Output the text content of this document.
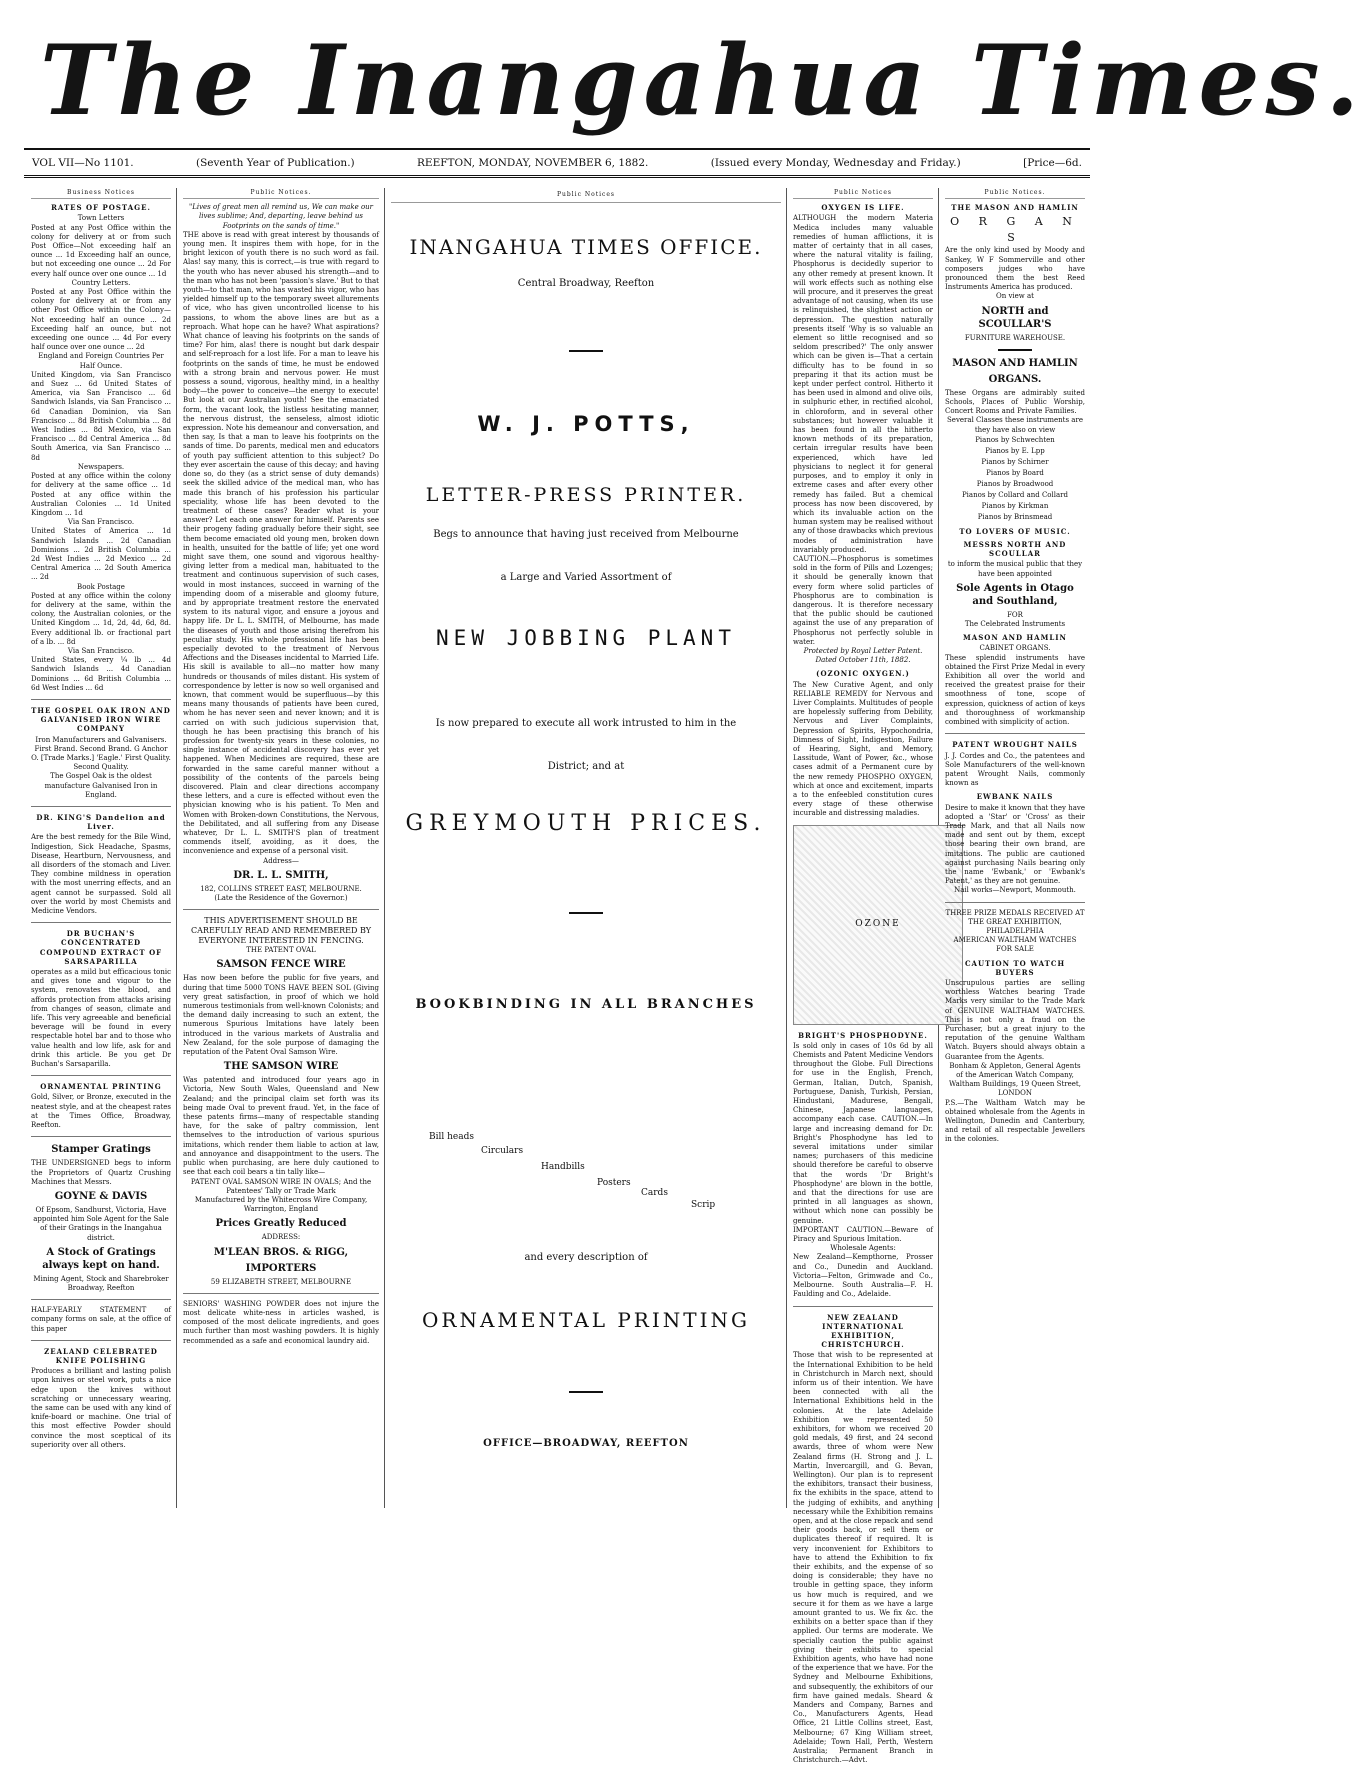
The Inangahua Times.
VOL VII—No 1101.	(Seventh Year of Publication.)	REEFTON, MONDAY, NOVEMBER 6, 1882.	(Issued every Monday, Wednesday and Friday.)	[Price—6d.
Business Notices
RATES OF POSTAGE.
Town Letters

Posted at any Post Office within the colony for delivery at or from such Post Office—Not exceeding half an ounce ... 1d Exceeding half an ounce, but not exceeding one ounce ... 2d For every half ounce over one ounce ... 1d

Country Letters.

Posted at any Post Office within the colony for delivery at or from any other Post Office within the Colony—Not exceeding half an ounce ... 2d Exceeding half an ounce, but not exceeding one ounce ... 4d For every half ounce over one ounce ... 2d

England and Foreign Countries Per Half Ounce.

United Kingdom, via San Francisco and Suez ... 6d United States of America, via San Francisco ... 6d Sandwich Islands, via San Francisco ... 6d Canadian Dominion, via San Francisco ... 8d British Columbia ... 8d West Indies ... 8d Mexico, via San Francisco ... 8d Central America ... 8d South America, via San Francisco ... 8d

Newspapers.

Posted at any office within the colony for delivery at the same office ... 1d Posted at any office within the Australian Colonies ... 1d United Kingdom ... 1d

Via San Francisco.

United States of America ... 1d Sandwich Islands ... 2d Canadian Dominions ... 2d British Columbia ... 2d West Indies ... 2d Mexico ... 2d Central America ... 2d South America ... 2d

Book Postage

Posted at any office within the colony for delivery at the same, within the colony, the Australian colonies, or the United Kingdom ... 1d, 2d, 4d, 6d, 8d. Every additional lb. or fractional part of a lb. ... 8d

Via San Francisco.

United States, every ¼ lb ... 4d Sandwich Islands ... 4d Canadian Dominions ... 6d British Columbia ... 6d West Indies ... 6d

THE GOSPEL OAK IRON AND GALVANISED IRON WIRE COMPANY
Iron Manufacturers and Galvanisers.

First Brand. Second Brand. G Anchor O. [Trade Marks.] 'Eagle.' First Quality. Second Quality.

The Gospel Oak is the oldest manufacture Galvanised Iron in England.

DR. KING'S Dandelion and Liver.

Are the best remedy for the Bile Wind, Indigestion, Sick Headache, Spasms, Disease, Heartburn, Nervousness, and all disorders of the stomach and Liver. They combine mildness in operation with the most unerring effects, and an agent cannot be surpassed. Sold all over the world by most Chemists and Medicine Vendors.

DR BUCHAN'S CONCENTRATED COMPOUND EXTRACT OF SARSAPARILLA

operates as a mild but efficacious tonic and gives tone and vigour to the system, renovates the blood, and affords protection from attacks arising from changes of season, climate and life. This very agreeable and beneficial beverage will be found in every respectable hotel bar and to those who value health and low life, ask for and drink this article. Be you get Dr Buchan's Sarsaparilla.

ORNAMENTAL PRINTING

Gold, Silver, or Bronze, executed in the neatest style, and at the cheapest rates at the Times Office, Broadway, Reefton.

Stamper Gratings

THE UNDERSIGNED begs to inform the Proprietors of Quartz Crushing Machines that Messrs.

GOYNE & DAVIS

Of Epsom, Sandhurst, Victoria, Have appointed him Sole Agent for the Sale of their Gratings in the Inangahua district.

A Stock of Gratings always kept on hand.

Mining Agent, Stock and Sharebroker Broadway, Reefton

HALF-YEARLY STATEMENT of company forms on sale, at the office of this paper

ZEALAND CELEBRATED KNIFE POLISHING

Produces a brilliant and lasting polish upon knives or steel work, puts a nice edge upon the knives without scratching or unnecessary wearing, the same can be used with any kind of knife-board or machine. One trial of this most effective Powder should convince the most sceptical of its superiority over all others.

Public Notices.

"Lives of great men all remind us, We can make our lives sublime; And, departing, leave behind us Footprints on the sands of time."

THE above is read with great interest by thousands of young men. It inspires them with hope, for in the bright lexicon of youth there is no such word as fail. Alas! say many, this is correct,—is true with regard to the youth who has never abused his strength—and to the man who has not been 'passion's slave.' But to that youth—to that man, who has wasted his vigor, who has yielded himself up to the temporary sweet allurements of vice, who has given uncontrolled license to his passions, to whom the above lines are but as a reproach. What hope can he have? What aspirations? What chance of leaving his footprints on the sands of time? For him, alas! there is nought but dark despair and self-reproach for a lost life. For a man to leave his footprints on the sands of time, he must be endowed with a strong brain and nervous power. He must possess a sound, vigorous, healthy mind, in a healthy body—the power to conceive—the energy to execute! But look at our Australian youth! See the emaciated form, the vacant look, the listless hesitating manner, the nervous distrust, the senseless, almost idiotic expression. Note his demeanour and conversation, and then say, Is that a man to leave his footprints on the sands of time. Do parents, medical men and educators of youth pay sufficient attention to this subject? Do they ever ascertain the cause of this decay; and having done so, do they (as a strict sense of duty demands) seek the skilled advice of the medical man, who has made this branch of his profession his particular speciality, whose life has been devoted to the treatment of these cases? Reader what is your answer? Let each one answer for himself. Parents see their progeny fading gradually before their sight, see them become emaciated old young men, broken down in health, unsuited for the battle of life; yet one word might save them, one sound and vigorous healthy-giving letter from a medical man, habituated to the treatment and continuous supervision of such cases, would in most instances, succeed in warning of the impending doom of a miserable and gloomy future, and by appropriate treatment restore the enervated system to its natural vigor, and ensure a joyous and happy life. Dr L. L. SMITH, of Melbourne, has made the diseases of youth and those arising therefrom his peculiar study. His whole professional life has been especially devoted to the treatment of Nervous Affections and the Diseases incidental to Married Life. His skill is available to all—no matter how many hundreds or thousands of miles distant. His system of correspondence by letter is now so well organised and known, that comment would be superfluous—by this means many thousands of patients have been cured, whom he has never seen and never known; and it is carried on with such judicious supervision that, though he has been practising this branch of his profession for twenty-six years in these colonies, no single instance of accidental discovery has ever yet happened. When Medicines are required, these are forwarded in the same careful manner without a possibility of the contents of the parcels being discovered. Plain and clear directions accompany these letters, and a cure is effected without even the physician knowing who is his patient. To Men and Women with Broken-down Constitutions, the Nervous, the Debilitated, and all suffering from any Disease whatever, Dr L. L. SMITH'S plan of treatment commends itself, avoiding, as it does, the inconvenience and expense of a personal visit.

Address—
DR. L. L. SMITH,
182, COLLINS STREET EAST, MELBOURNE.
(Late the Residence of the Governor.)

THIS ADVERTISEMENT SHOULD BE CAREFULLY READ AND REMEMBERED BY EVERYONE INTERESTED IN FENCING.

THE PATENT OVAL
SAMSON FENCE WIRE

Has now been before the public for five years, and during that time 5000 TONS HAVE BEEN SOL (Giving very great satisfaction, in proof of which we hold numerous testimonials from well-known Colonists; and the demand daily increasing to such an extent, the numerous Spurious Imitations have lately been introduced in the various markets of Australia and New Zealand, for the sole purpose of damaging the reputation of the Patent Oval Samson Wire.

THE SAMSON WIRE

Was patented and introduced four years ago in Victoria, New South Wales, Queensland and New Zealand; and the principal claim set forth was its being made Oval to prevent fraud. Yet, in the face of these patents firms—many of respectable standing have, for the sake of paltry commission, lent themselves to the introduction of various spurious imitations, which render them liable to action at law, and annoyance and disappointment to the users. The public when purchasing, are here duly cautioned to see that each coil bears a tin tally like—

PATENT OVAL SAMSON WIRE IN OVALS; And the Patentees' Tally or Trade Mark

Manufactured by the Whitecross Wire Company, Warrington, England

Prices Greatly Reduced
ADDRESS:
M'LEAN BROS. & RIGG,
IMPORTERS
59 ELIZABETH STREET, MELBOURNE

SENIORS' WASHING POWDER does not injure the most delicate white-ness in articles washed, is composed of the most delicate ingredients, and goes much further than most washing powders. It is highly recommended as a safe and economical laundry aid.

Public Notices
INANGAHUA TIMES OFFICE.
Central Broadway, Reefton
W. J. POTTS,
LETTER-PRESS PRINTER.
Begs to announce that having just received from Melbourne
a Large and Varied Assortment of
NEW JOBBING PLANT
Is now prepared to execute all work intrusted to him in the
District; and at
GREYMOUTH PRICES.
BOOKBINDING IN ALL BRANCHES
Bill heads
Circulars
Handbills
Posters
Cards
Scrip
and every description of
ORNAMENTAL PRINTING
OFFICE—BROADWAY, REEFTON
Public Notices
OXYGEN IS LIFE.

ALTHOUGH the modern Materia Medica includes many valuable remedies of human afflictions, it is matter of certainty that in all cases, where the natural vitality is failing, Phosphorus is decidedly superior to any other remedy at present known. It will work effects such as nothing else will procure, and it preserves the great advantage of not causing, when its use is relinquished, the slightest action or depression. The question naturally presents itself 'Why is so valuable an element so little recognised and so seldom prescribed?' The only answer which can be given is—That a certain difficulty has to be found in so preparing it that its action must be kept under perfect control. Hitherto it has been used in almond and olive oils, in sulphuric ether, in rectified alcohol, in chloroform, and in several other substances; but however valuable it has been found in all the hitherto known methods of its preparation, certain irregular results have been experienced, which have led physicians to neglect it for general purposes, and to employ it only in extreme cases and after every other remedy has failed. But a chemical process has now been discovered, by which its invaluable action on the human system may be realised without any of those drawbacks which previous modes of administration have invariably produced.

CAUTION.—Phosphorus is sometimes sold in the form of Pills and Lozenges; it should be generally known that every form where solid particles of Phosphorus are to combination is dangerous. It is therefore necessary that the public should be cautioned against the use of any preparation of Phosphorus not perfectly soluble in water.

Protected by Royal Letter Patent. Dated October 11th, 1882.
(OZONIC OXYGEN.)

The New Curative Agent, and only RELIABLE REMEDY for Nervous and Liver Complaints. Multitudes of people are hopelessly suffering from Debility, Nervous and Liver Complaints, Depression of Spirits, Hypochondria, Dimness of Sight, Indigestion, Failure of Hearing, Sight, and Memory, Lassitude, Want of Power, &c., whose cases admit of a Permanent cure by the new remedy PHOSPHO OXYGEN, which at once and excitement, imparts a to the enfeebled constitution cures every stage of these otherwise incurable and distressing maladies.

OZONE
BRIGHT'S PHOSPHODYNE.

Is sold only in cases of 10s 6d by all Chemists and Patent Medicine Vendors throughout the Globe. Full Directions for use in the English, French, German, Italian, Dutch, Spanish, Portuguese, Danish, Turkish, Persian, Hindustani, Madurese, Bengali, Chinese, Japanese languages, accompany each case. CAUTION.—In large and increasing demand for Dr. Bright's Phosphodyne has led to several imitations under similar names; purchasers of this medicine should therefore be careful to observe that the words 'Dr Bright's Phosphodyne' are blown in the bottle, and that the directions for use are printed in all languages as shown, without which none can possibly be genuine.

IMPORTANT CAUTION.—Beware of Piracy and Spurious Imitation.

Wholesale Agents:

New Zealand—Kempthorne, Prosser and Co., Dunedin and Auckland. Victoria—Felton, Grimwade and Co., Melbourne. South Australia—F. H. Faulding and Co., Adelaide.

NEW ZEALAND INTERNATIONAL EXHIBITION, CHRISTCHURCH.

Those that wish to be represented at the International Exhibition to be held in Christchurch in March next, should inform us of their intention. We have been connected with all the International Exhibitions held in the colonies. At the late Adelaide Exhibition we represented 50 exhibitors, for whom we received 20 gold medals, 49 first, and 24 second awards, three of whom were New Zealand firms (H. Strong and J. L. Martin, Invercargill, and G. Bevan, Wellington). Our plan is to represent the exhibitors, transact their business, fix the exhibits in the space, attend to the judging of exhibits, and anything necessary while the Exhibition remains open, and at the close repack and send their goods back, or sell them or duplicates thereof if required. It is very inconvenient for Exhibitors to have to attend the Exhibition to fix their exhibits, and the expense of so doing is considerable; they have no trouble in getting space, they inform us how much is required, and we secure it for them as we have a large amount granted to us. We fix &c. the exhibits on a better space than if they applied. Our terms are moderate. We specially caution the public against giving their exhibits to special Exhibition agents, who have had none of the experience that we have. For the Sydney and Melbourne Exhibitions, and subsequently, the exhibitors of our firm have gained medals. Sheard & Manders and Company, Barnes and Co., Manufacturers Agents, Head Office, 21 Little Collins street, East, Melbourne; 67 King William street, Adelaide; Town Hall, Perth, Western Australia; Permanent Branch in Christchurch.—Advt.

Public Notices.
THE MASON AND HAMLIN
O R G A N S

Are the only kind used by Moody and Sankey, W F Sommerville and other composers judges who have pronounced them the best Reed Instruments America has produced.

On view at
NORTH and SCOULLAR'S
FURNITURE WAREHOUSE.
MASON AND HAMLIN
ORGANS.

These Organs are admirably suited Schools, Places of Public Worship, Concert Rooms and Private Families.

Several Classes these instruments are
they have also on view
Pianos by Schwechten
Pianos by E. Lpp
Pianos by Schirner
Pianos by Board
Pianos by Broadwood
Pianos by Collard and Collard
Pianos by Kirkman
Pianos by Brinsmead
TO LOVERS OF MUSIC.
MESSRS NORTH AND SCOULLAR
to inform the musical public that they have been appointed
Sole Agents in Otago and Southland,
FOR
The Celebrated Instruments
MASON AND HAMLIN
CABINET ORGANS.

These splendid instruments have obtained the First Prize Medal in every Exhibition all over the world and received the greatest praise for their smoothness of tone, scope of expression, quickness of action of keys and thoroughness of workmanship combined with simplicity of action.

PATENT WROUGHT NAILS

J. J. Cordes and Co., the patentees and Sole Manufacturers of the well-known patent Wrought Nails, commonly known as

EWBANK NAILS

Desire to make it known that they have adopted a 'Star' or 'Cross' as their Trade Mark, and that all Nails now made and sent out by them, except those bearing their own brand, are imitations. The public are cautioned against purchasing Nails bearing only the name 'Ewbank,' or 'Ewbank's Patent,' as they are not genuine.

Nail works—Newport, Monmouth.
THREE PRIZE MEDALS RECEIVED AT THE GREAT EXHIBITION, PHILADELPHIA
AMERICAN WALTHAM WATCHES FOR SALE
CAUTION TO WATCH BUYERS

Unscrupulous parties are selling worthless Watches bearing Trade Marks very similar to the Trade Mark of GENUINE WALTHAM WATCHES. This is not only a fraud on the Purchaser, but a great injury to the reputation of the genuine Waltham Watch. Buyers should always obtain a Guarantee from the Agents.

Bonham & Appleton, General Agents of the American Watch Company, Waltham Buildings, 19 Queen Street, LONDON

P.S.—The Waltham Watch may be obtained wholesale from the Agents in Wellington, Dunedin and Canterbury, and retail of all respectable Jewellers in the colonies.
